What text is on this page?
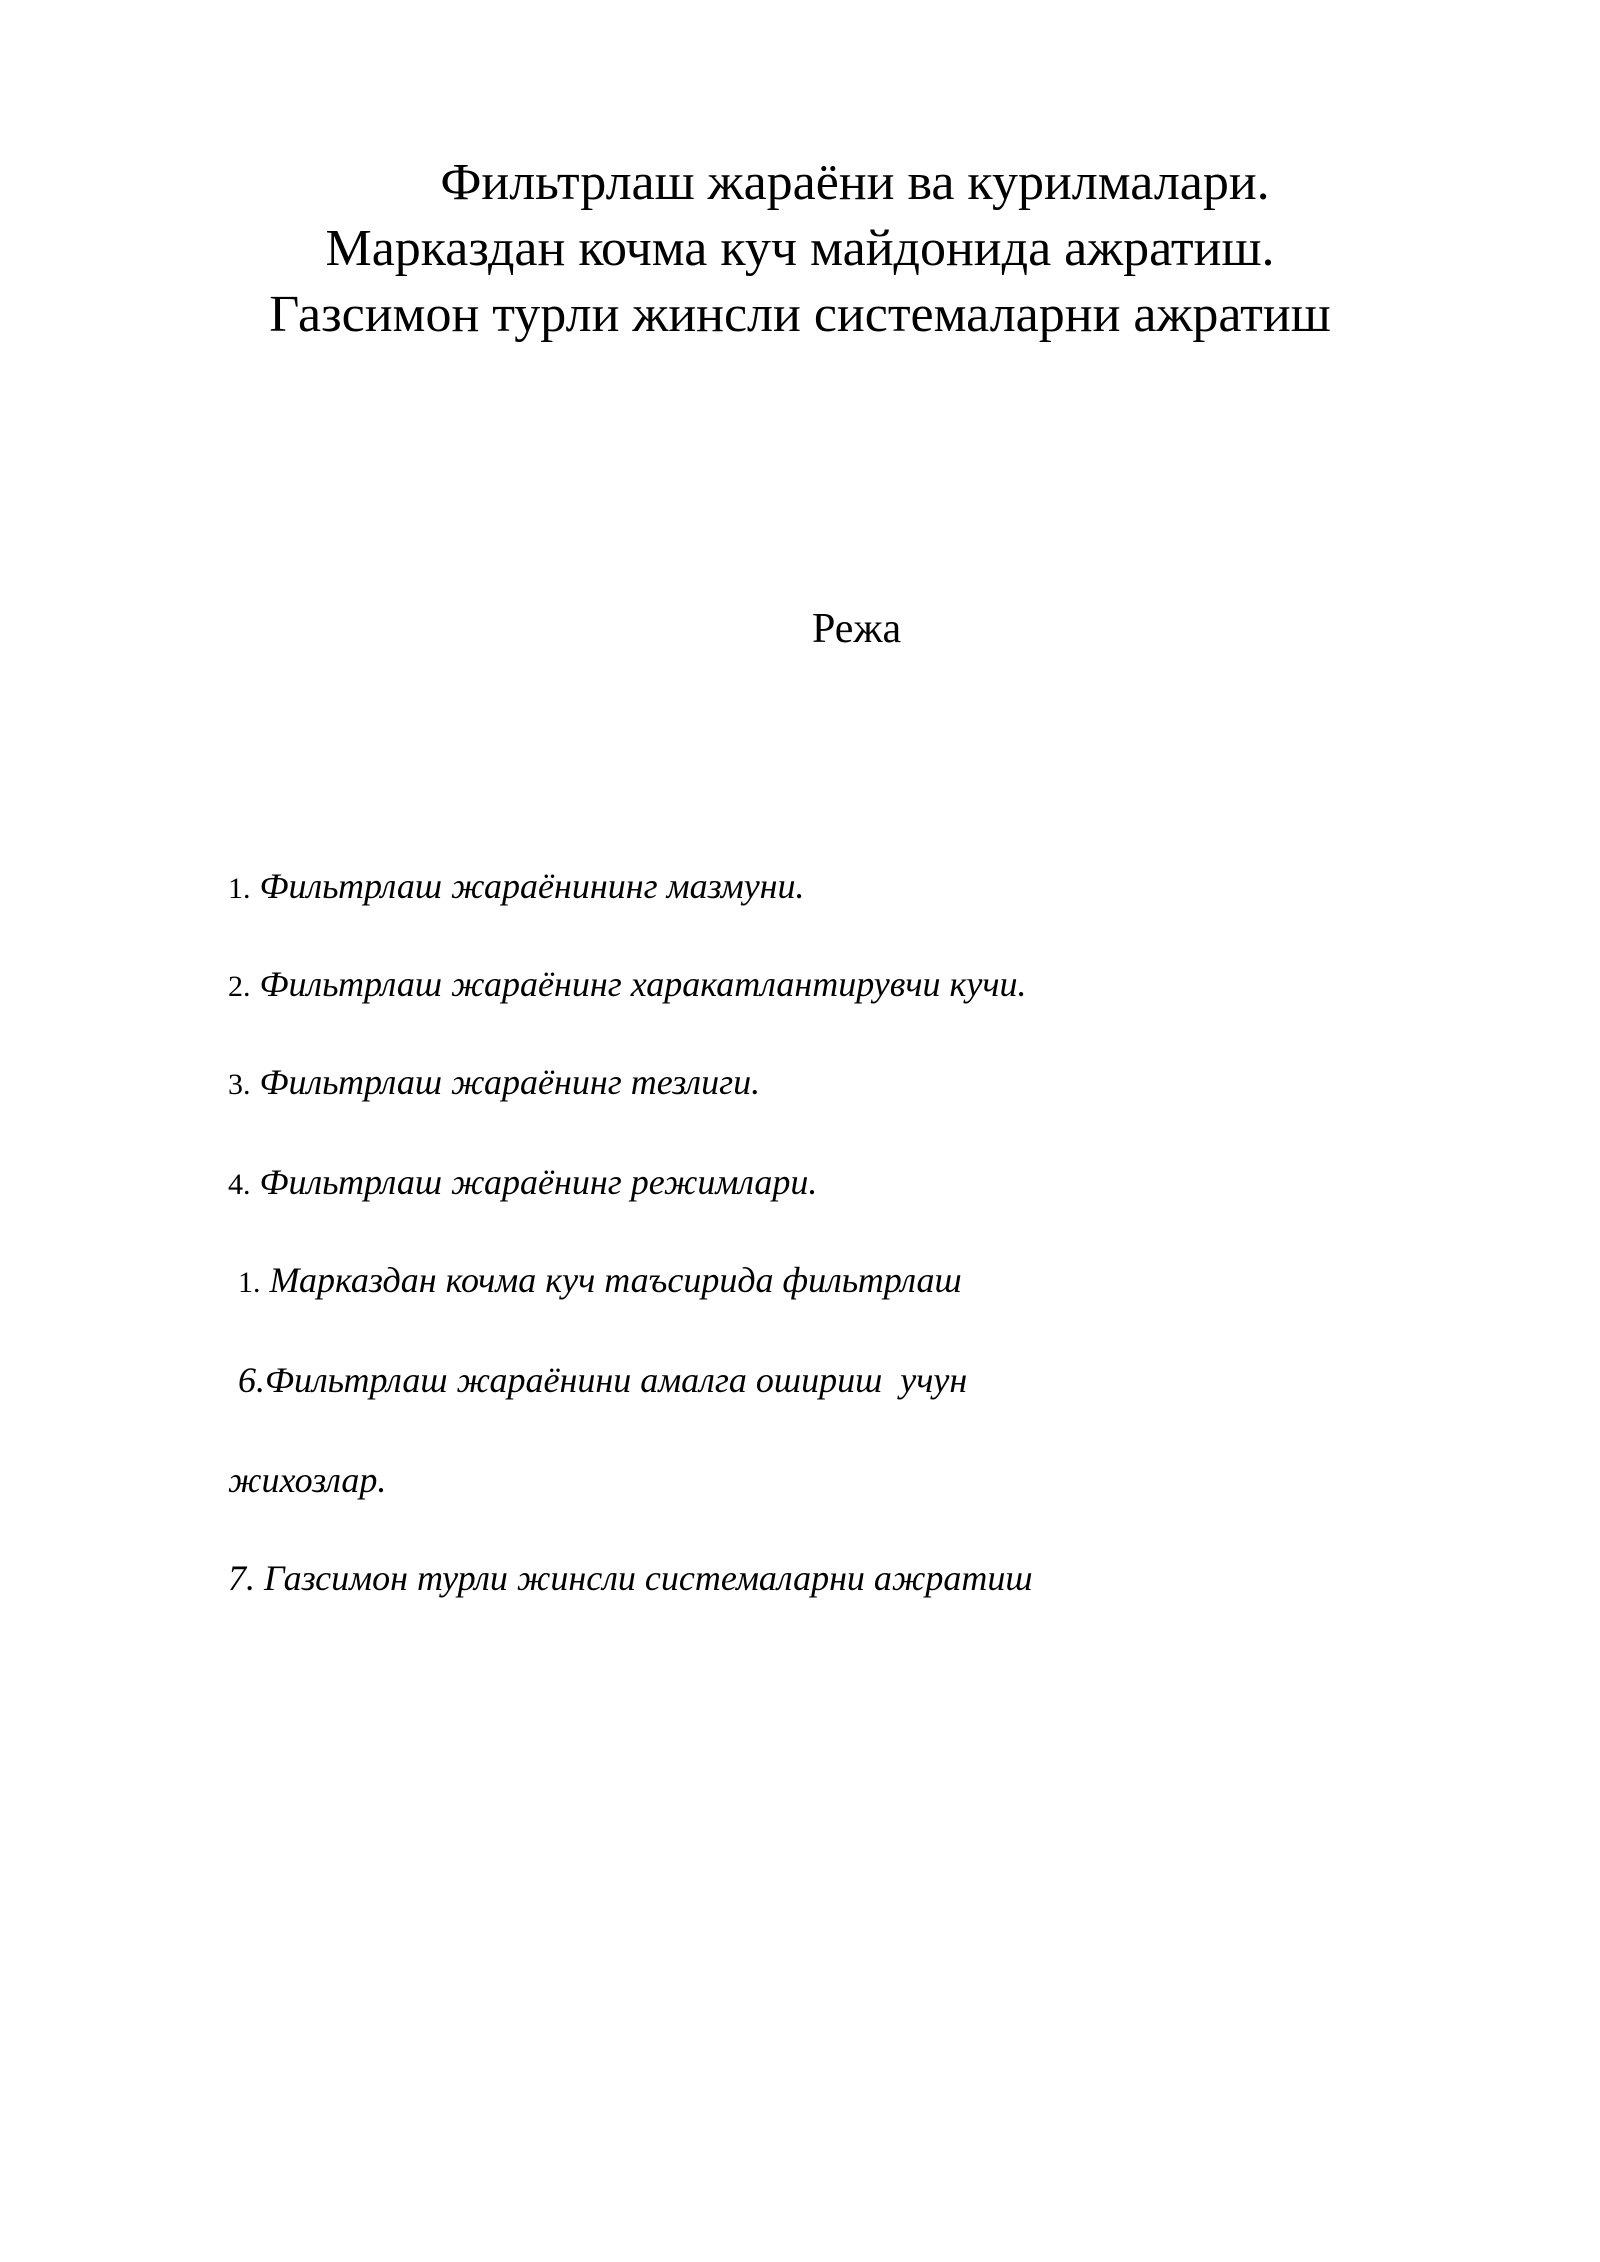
Фильтрлаш жараёни ва курилмалари.
Марказдан кочма куч майдонида ажратиш.
Газсимон турли жинсли системаларни ажратиш
Режа
1. Фильтрлаш жараёнининг мазмуни.
2. Фильтрлаш жараёнинг харакатлантирувчи кучи.
3. Фильтрлаш жараёнинг тезлиги.
4. Фильтрлаш жараёнинг режимлари.
1. Марказдан кочма куч таъсирида фильтрлаш
6.Фильтрлаш жараёнини амалга ошириш  учун
жихозлар.
7. Газсимон турли жинсли системаларни ажратиш
